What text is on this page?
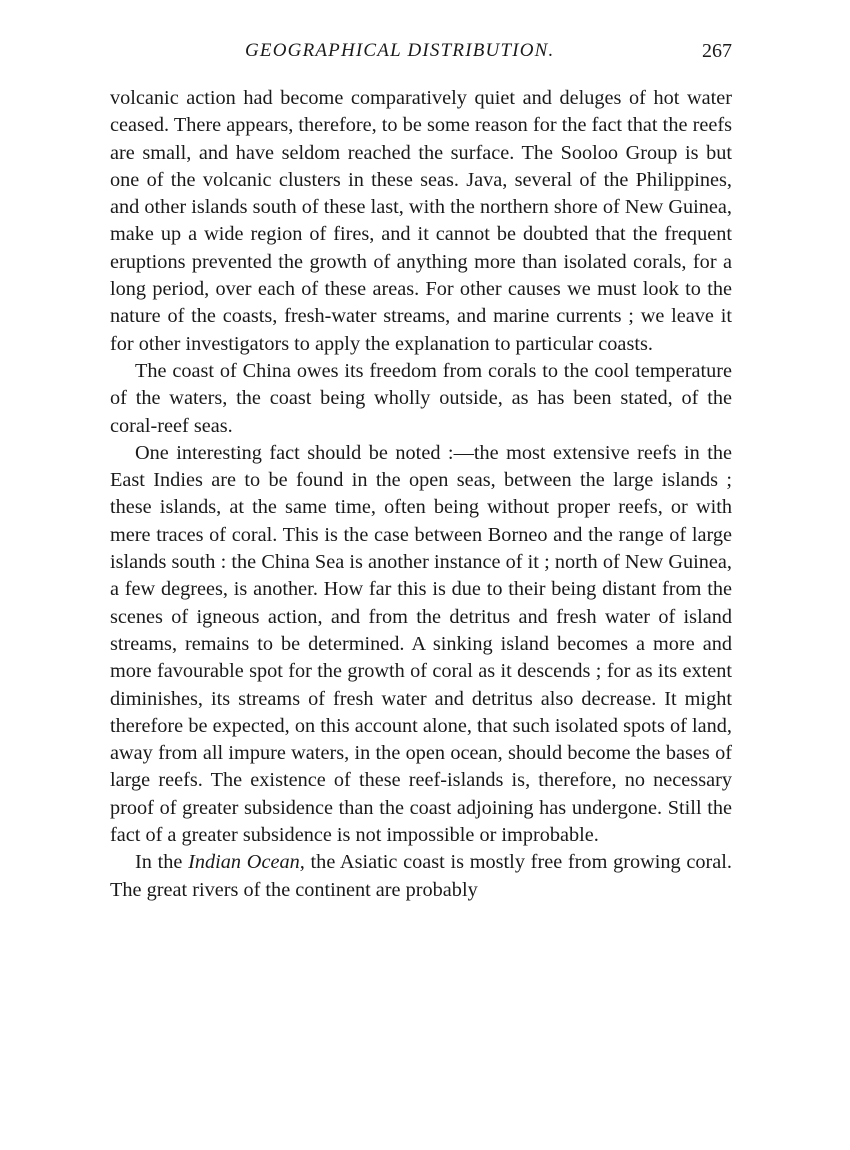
GEOGRAPHICAL DISTRIBUTION.	267

volcanic action had become comparatively quiet and deluges of hot water ceased. There appears, therefore, to be some reason for the fact that the reefs are small, and have seldom reached the surface. The Sooloo Group is but one of the volcanic clusters in these seas. Java, several of the Philippines, and other islands south of these last, with the northern shore of New Guinea, make up a wide region of fires, and it cannot be doubted that the frequent eruptions prevented the growth of anything more than isolated corals, for a long period, over each of these areas. For other causes we must look to the nature of the coasts, fresh-water streams, and marine currents ; we leave it for other investigators to apply the explanation to particular coasts.

The coast of China owes its freedom from corals to the cool temperature of the waters, the coast being wholly outside, as has been stated, of the coral-reef seas.

One interesting fact should be noted :—the most extensive reefs in the East Indies are to be found in the open seas, between the large islands ; these islands, at the same time, often being without proper reefs, or with mere traces of coral. This is the case between Borneo and the range of large islands south : the China Sea is another instance of it ; north of New Guinea, a few degrees, is another. How far this is due to their being distant from the scenes of igneous action, and from the detritus and fresh water of island streams, remains to be determined. A sinking island becomes a more and more favourable spot for the growth of coral as it descends ; for as its extent diminishes, its streams of fresh water and detritus also decrease. It might therefore be expected, on this account alone, that such isolated spots of land, away from all impure waters, in the open ocean, should become the bases of large reefs. The existence of these reef-islands is, therefore, no necessary proof of greater subsidence than the coast adjoining has undergone. Still the fact of a greater subsidence is not impossible or improbable.

In the Indian Ocean, the Asiatic coast is mostly free from growing coral. The great rivers of the continent are probably
